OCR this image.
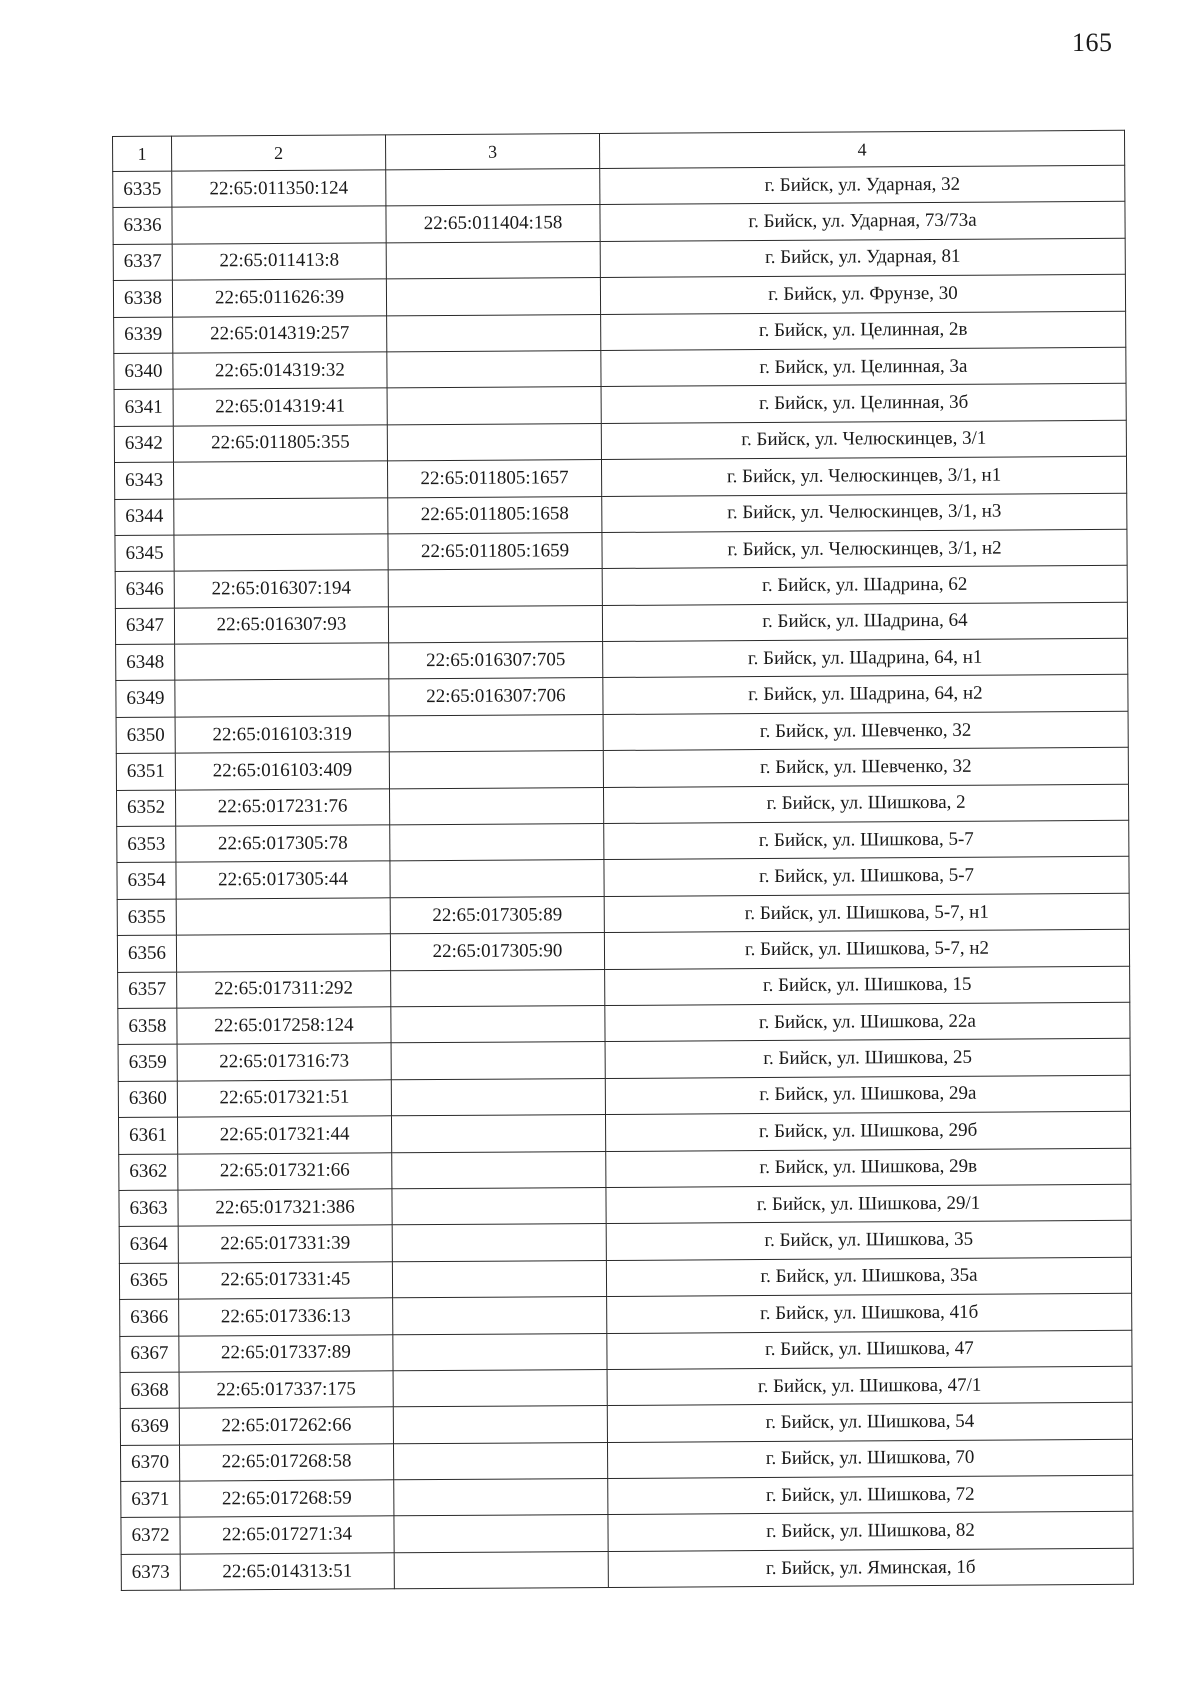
165
1	2	3	4
6335	22:65:011350:124		г. Бийск, ул. Ударная, 32
6336		22:65:011404:158	г. Бийск, ул. Ударная, 73/73а
6337	22:65:011413:8		г. Бийск, ул. Ударная, 81
6338	22:65:011626:39		г. Бийск, ул. Фрунзе, 30
6339	22:65:014319:257		г. Бийск, ул. Целинная, 2в
6340	22:65:014319:32		г. Бийск, ул. Целинная, 3а
6341	22:65:014319:41		г. Бийск, ул. Целинная, 3б
6342	22:65:011805:355		г. Бийск, ул. Челюскинцев, 3/1
6343		22:65:011805:1657	г. Бийск, ул. Челюскинцев, 3/1, н1
6344		22:65:011805:1658	г. Бийск, ул. Челюскинцев, 3/1, н3
6345		22:65:011805:1659	г. Бийск, ул. Челюскинцев, 3/1, н2
6346	22:65:016307:194		г. Бийск, ул. Шадрина, 62
6347	22:65:016307:93		г. Бийск, ул. Шадрина, 64
6348		22:65:016307:705	г. Бийск, ул. Шадрина, 64, н1
6349		22:65:016307:706	г. Бийск, ул. Шадрина, 64, н2
6350	22:65:016103:319		г. Бийск, ул. Шевченко, 32
6351	22:65:016103:409		г. Бийск, ул. Шевченко, 32
6352	22:65:017231:76		г. Бийск, ул. Шишкова, 2
6353	22:65:017305:78		г. Бийск, ул. Шишкова, 5-7
6354	22:65:017305:44		г. Бийск, ул. Шишкова, 5-7
6355		22:65:017305:89	г. Бийск, ул. Шишкова, 5-7, н1
6356		22:65:017305:90	г. Бийск, ул. Шишкова, 5-7, н2
6357	22:65:017311:292		г. Бийск, ул. Шишкова, 15
6358	22:65:017258:124		г. Бийск, ул. Шишкова, 22а
6359	22:65:017316:73		г. Бийск, ул. Шишкова, 25
6360	22:65:017321:51		г. Бийск, ул. Шишкова, 29а
6361	22:65:017321:44		г. Бийск, ул. Шишкова, 29б
6362	22:65:017321:66		г. Бийск, ул. Шишкова, 29в
6363	22:65:017321:386		г. Бийск, ул. Шишкова, 29/1
6364	22:65:017331:39		г. Бийск, ул. Шишкова, 35
6365	22:65:017331:45		г. Бийск, ул. Шишкова, 35а
6366	22:65:017336:13		г. Бийск, ул. Шишкова, 41б
6367	22:65:017337:89		г. Бийск, ул. Шишкова, 47
6368	22:65:017337:175		г. Бийск, ул. Шишкова, 47/1
6369	22:65:017262:66		г. Бийск, ул. Шишкова, 54
6370	22:65:017268:58		г. Бийск, ул. Шишкова, 70
6371	22:65:017268:59		г. Бийск, ул. Шишкова, 72
6372	22:65:017271:34		г. Бийск, ул. Шишкова, 82
6373	22:65:014313:51		г. Бийск, ул. Яминская, 1б
